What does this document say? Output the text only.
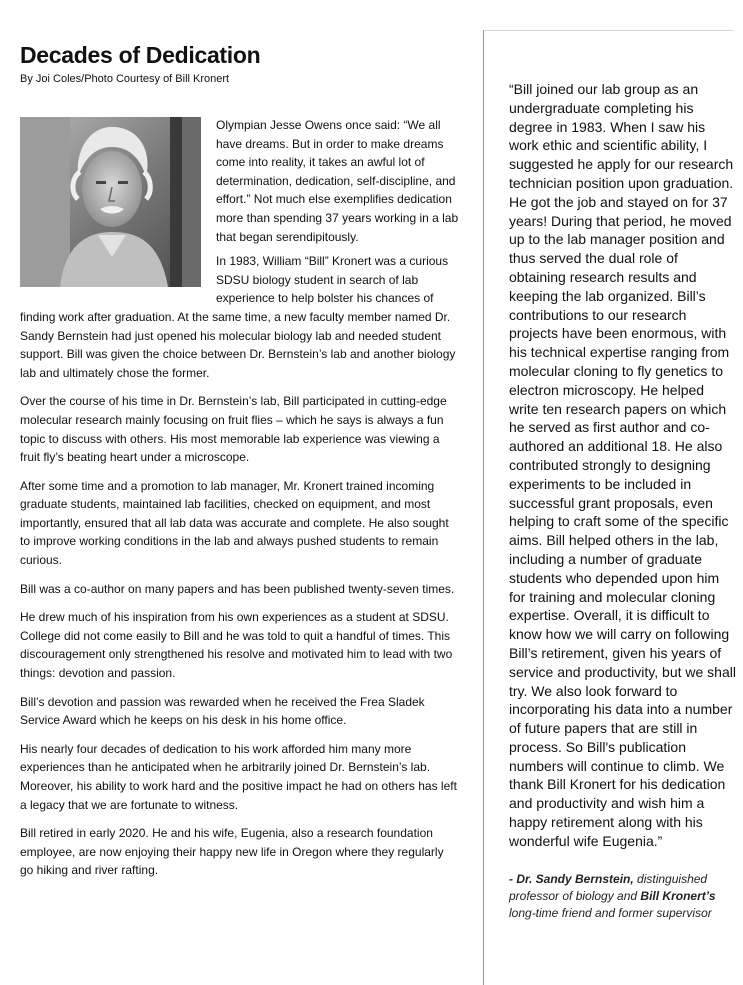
Decades of Dedication
By Joi Coles/Photo Courtesy of Bill Kronert

Olympian Jesse Owens once said: “We all have dreams. But in order to make dreams come into reality, it takes an awful lot of determination, dedication, self-discipline, and effort.” Not much else exemplifies dedication more than spending 37 years working in a lab that began serendipitously.

In 1983, William “Bill” Kronert was a curious SDSU biology student in search of lab experience to help bolster his chances of finding work after graduation. At the same time, a new faculty member named Dr. Sandy Bernstein had just opened his molecular biology lab and needed student support. Bill was given the choice between Dr. Bernstein’s lab and another biology lab and ultimately chose the former.

Over the course of his time in Dr. Bernstein’s lab, Bill participated in cutting-edge molecular research mainly focusing on fruit flies – which he says is always a fun topic to discuss with others. His most memorable lab experience was viewing a fruit fly’s beating heart under a microscope.

After some time and a promotion to lab manager, Mr. Kronert trained incoming graduate students, maintained lab facilities, checked on equipment, and most importantly, ensured that all lab data was accurate and complete. He also sought to improve working conditions in the lab and always pushed students to remain curious.

Bill was a co-author on many papers and has been published twenty-seven times.

He drew much of his inspiration from his own experiences as a student at SDSU. College did not come easily to Bill and he was told to quit a handful of times. This discouragement only strengthened his resolve and motivated him to lead with two things: devotion and passion.

Bill’s devotion and passion was rewarded when he received the Frea Sladek Service Award which he keeps on his desk in his home office.

His nearly four decades of dedication to his work afforded him many more experiences than he anticipated when he arbitrarily joined Dr. Bernstein’s lab. Moreover, his ability to work hard and the positive impact he had on others has left a legacy that we are fortunate to witness.

Bill retired in early 2020. He and his wife, Eugenia, also a research foundation employee, are now enjoying their happy new life in Oregon where they regularly go hiking and river rafting.

“Bill joined our lab group as an undergraduate completing his degree in 1983. When I saw his work ethic and scientific ability, I suggested he apply for our research technician position upon graduation. He got the job and stayed on for 37 years! During that period, he moved up to the lab manager position and thus served the dual role of obtaining research results and keeping the lab organized. Bill’s contributions to our research projects have been enormous, with his technical expertise ranging from molecular cloning to fly genetics to electron microscopy. He helped write ten research papers on which he served as first author and co-authored an additional 18. He also contributed strongly to designing experiments to be included in successful grant proposals, even helping to craft some of the specific aims. Bill helped others in the lab, including a number of graduate students who depended upon him for training and molecular cloning expertise. Overall, it is difficult to know how we will carry on following Bill’s retirement, given his years of service and productivity, but we shall try. We also look forward to incorporating his data into a number of future papers that are still in process. So Bill's publication numbers will continue to climb. We thank Bill Kronert for his dedication and productivity and wish him a happy retirement along with his wonderful wife Eugenia.”

- Dr. Sandy Bernstein, distinguished professor of biology and Bill Kronert’s long-time friend and former supervisor
